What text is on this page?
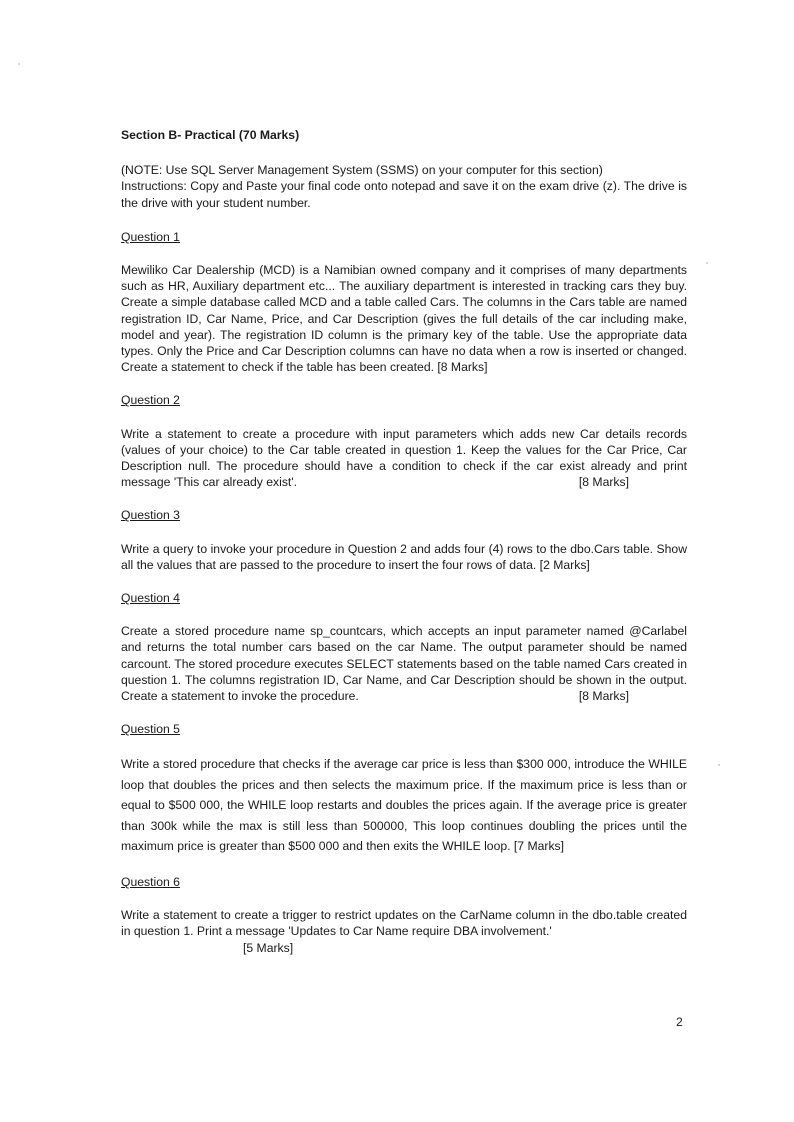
Section B- Practical (70 Marks)

(NOTE: Use SQL Server Management System (SSMS) on your computer for this section)

Instructions: Copy and Paste your final code onto notepad and save it on the exam drive (z). The drive is the drive with your student number.

Question 1

Mewiliko Car Dealership (MCD) is a Namibian owned company and it comprises of many departments such as HR, Auxiliary department etc... The auxiliary department is interested in tracking cars they buy. Create a simple database called MCD and a table called Cars. The columns in the Cars table are named registration ID, Car Name, Price, and Car Description (gives the full details of the car including make, model and year). The registration ID column is the primary key of the table. Use the appropriate data types. Only the Price and Car Description columns can have no data when a row is inserted or changed. Create a statement to check if the table has been created. [8 Marks]

Question 2

Write a statement to create a procedure with input parameters which adds new Car details records (values of your choice) to the Car table created in question 1. Keep the values for the Car Price, Car Description null. The procedure should have a condition to check if the car exist already and print message 'This car already exist'.	[8 Marks]

Question 3

Write a query to invoke your procedure in Question 2 and adds four (4) rows to the dbo.Cars table. Show all the values that are passed to the procedure to insert the four rows of data. [2 Marks]

Question 4

Create a stored procedure name sp_countcars, which accepts an input parameter named @Carlabel and returns the total number cars based on the car Name. The output parameter should be named carcount. The stored procedure executes SELECT statements based on the table named Cars created in question 1. The columns registration ID, Car Name, and Car Description should be shown in the output. Create a statement to invoke the procedure.	[8 Marks]

Question 5

Write a stored procedure that checks if the average car price is less than $300 000, introduce the WHILE loop that doubles the prices and then selects the maximum price. If the maximum price is less than or equal to $500 000, the WHILE loop restarts and doubles the prices again. If the average price is greater than 300k while the max is still less than 500000, This loop continues doubling the prices until the maximum price is greater than $500 000 and then exits the WHILE loop. [7 Marks]

Question 6

Write a statement to create a trigger to restrict updates on the CarName column in the dbo.table created in question 1. Print a message 'Updates to Car Name require DBA involvement.'
[5 Marks]
2
